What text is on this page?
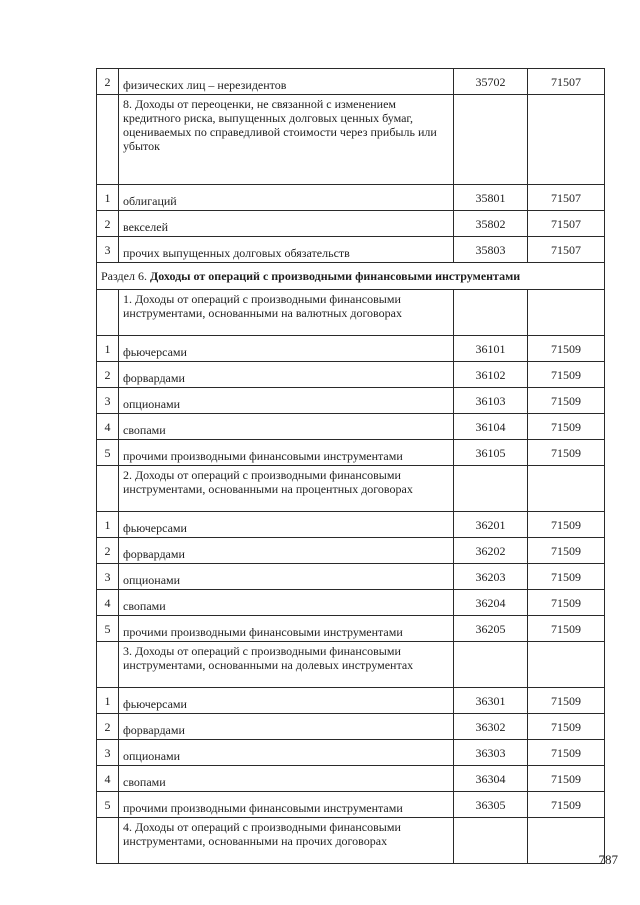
2	физических лиц – нерезидентов	35702	71507
	8. Доходы от переоценки, не связанной с изменением кредитного риска, выпущенных долговых ценных бумаг, оцениваемых по справедливой стоимости через прибыль или убыток		
1	облигаций	35801	71507
2	векселей	35802	71507
3	прочих выпущенных долговых обязательств	35803	71507
Раздел 6. Доходы от операций с производными финансовыми инструментами			
	1. Доходы от операций с производными финансовыми инструментами, основанными на валютных договорах		
1	фьючерсами	36101	71509
2	форвардами	36102	71509
3	опционами	36103	71509
4	свопами	36104	71509
5	прочими производными финансовыми инструментами	36105	71509
	2. Доходы от операций с производными финансовыми инструментами, основанными на процентных договорах		
1	фьючерсами	36201	71509
2	форвардами	36202	71509
3	опционами	36203	71509
4	свопами	36204	71509
5	прочими производными финансовыми инструментами	36205	71509
	3. Доходы от операций с производными финансовыми инструментами, основанными на долевых инструментах		
1	фьючерсами	36301	71509
2	форвардами	36302	71509
3	опционами	36303	71509
4	свопами	36304	71509
5	прочими производными финансовыми инструментами	36305	71509
	4. Доходы от операций с производными финансовыми инструментами, основанными на прочих договорах		
787
